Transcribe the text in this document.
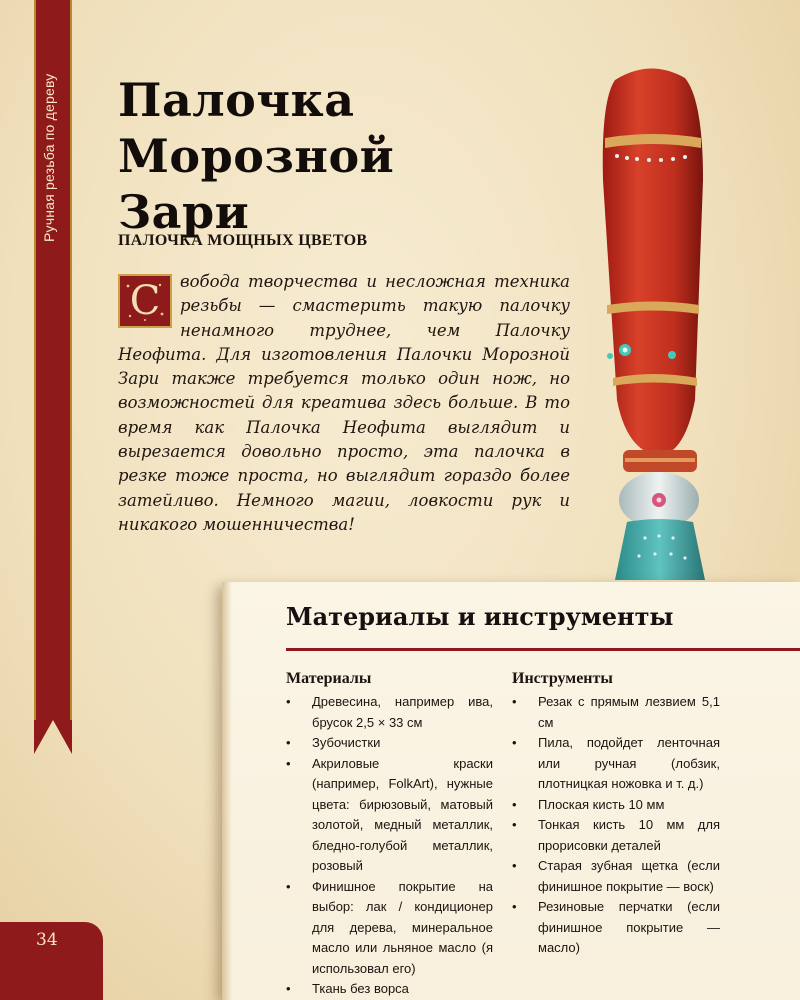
Ручная резьба по дереву
34
Палочка
Морозной Зари
ПАЛОЧКА МОЩНЫХ ЦВЕТОВ
С	вобода творчества и несложная техника резьбы — смастерить такую палочку ненамного труднее, чем Палочку Неофита. Для изготовления Палочки Морозной Зари также требуется только один нож, но возможностей для креатива здесь больше. В то время как Палочка Неофита выглядит и вырезается довольно просто, эта палочка в резке тоже проста, но выглядит гораздо более затейливо. Немного магии, ловкости рук и никакого мошенничества!
Материалы и инструменты
Материалы
• Древесина, например ива, брусок 2,5 × 33 см
• Зубочистки
• Акриловые краски (например, FolkArt), нужные цвета: бирюзовый, матовый золотой, медный металлик, бледно-голубой металлик, розовый
• Финишное покрытие на выбор: лак / кондиционер для дерева, минеральное масло или льняное масло (я использовал его)
• Ткань без ворса
Инструменты
• Резак с прямым лезвием 5,1 см
• Пила, подойдет ленточная или ручная (лобзик, плотницкая ножовка и т. д.)
• Плоская кисть 10 мм
• Тонкая кисть 10 мм для прорисовки деталей
• Старая зубная щетка (если финишное покрытие — воск)
• Резиновые перчатки (если финишное покрытие — масло)
